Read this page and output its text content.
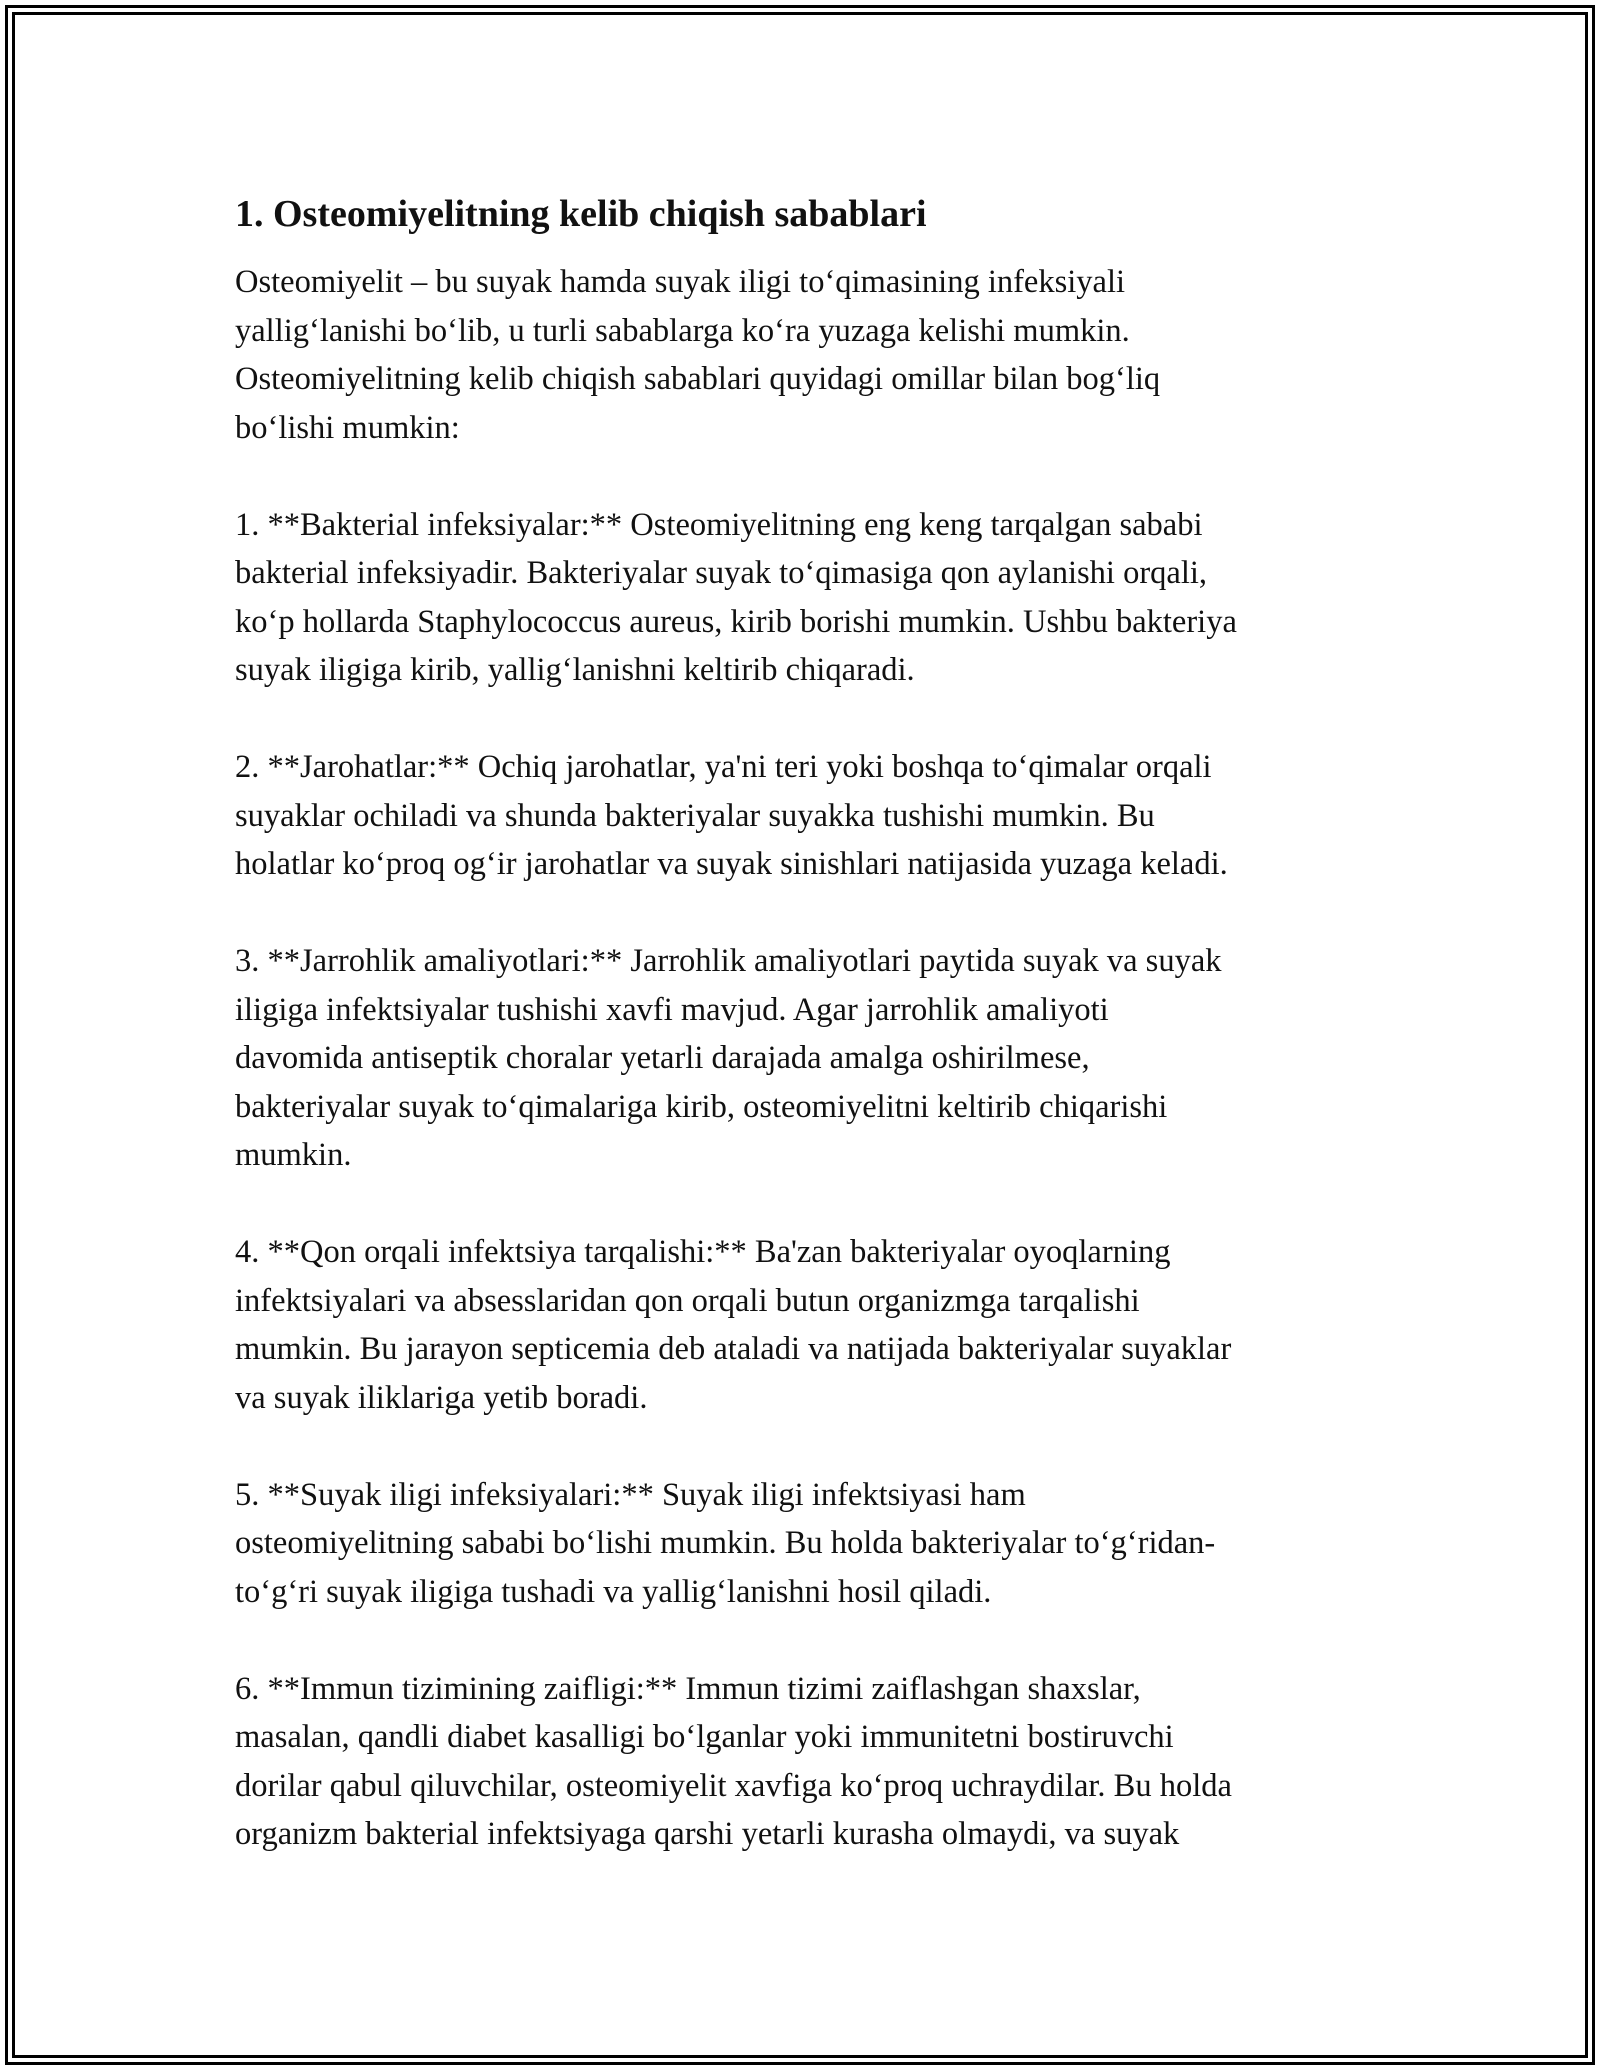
1. Osteomiyelitning kelib chiqish sabablari
Osteomiyelit – bu suyak hamda suyak iligi to‘qimasining infeksiyali
yallig‘lanishi bo‘lib, u turli sabablarga ko‘ra yuzaga kelishi mumkin.
Osteomiyelitning kelib chiqish sabablari quyidagi omillar bilan bog‘liq
bo‘lishi mumkin:
1. **Bakterial infeksiyalar:** Osteomiyelitning eng keng tarqalgan sababi
bakterial infeksiyadir. Bakteriyalar suyak to‘qimasiga qon aylanishi orqali,
ko‘p hollarda Staphylococcus aureus, kirib borishi mumkin. Ushbu bakteriya
suyak iligiga kirib, yallig‘lanishni keltirib chiqaradi.
2. **Jarohatlar:** Ochiq jarohatlar, ya'ni teri yoki boshqa to‘qimalar orqali
suyaklar ochiladi va shunda bakteriyalar suyakka tushishi mumkin. Bu
holatlar ko‘proq og‘ir jarohatlar va suyak sinishlari natijasida yuzaga keladi.
3. **Jarrohlik amaliyotlari:** Jarrohlik amaliyotlari paytida suyak va suyak
iligiga infektsiyalar tushishi xavfi mavjud. Agar jarrohlik amaliyoti
davomida antiseptik choralar yetarli darajada amalga oshirilmese,
bakteriyalar suyak to‘qimalariga kirib, osteomiyelitni keltirib chiqarishi
mumkin.
4. **Qon orqali infektsiya tarqalishi:** Ba'zan bakteriyalar oyoqlarning
infektsiyalari va absesslaridan qon orqali butun organizmga tarqalishi
mumkin. Bu jarayon septicemia deb ataladi va natijada bakteriyalar suyaklar
va suyak iliklariga yetib boradi.
5. **Suyak iligi infeksiyalari:** Suyak iligi infektsiyasi ham
osteomiyelitning sababi bo‘lishi mumkin. Bu holda bakteriyalar to‘g‘ridan-
to‘g‘ri suyak iligiga tushadi va yallig‘lanishni hosil qiladi.
6. **Immun tizimining zaifligi:** Immun tizimi zaiflashgan shaxslar,
masalan, qandli diabet kasalligi bo‘lganlar yoki immunitetni bostiruvchi
dorilar qabul qiluvchilar, osteomiyelit xavfiga ko‘proq uchraydilar. Bu holda
organizm bakterial infektsiyaga qarshi yetarli kurasha olmaydi, va suyak
